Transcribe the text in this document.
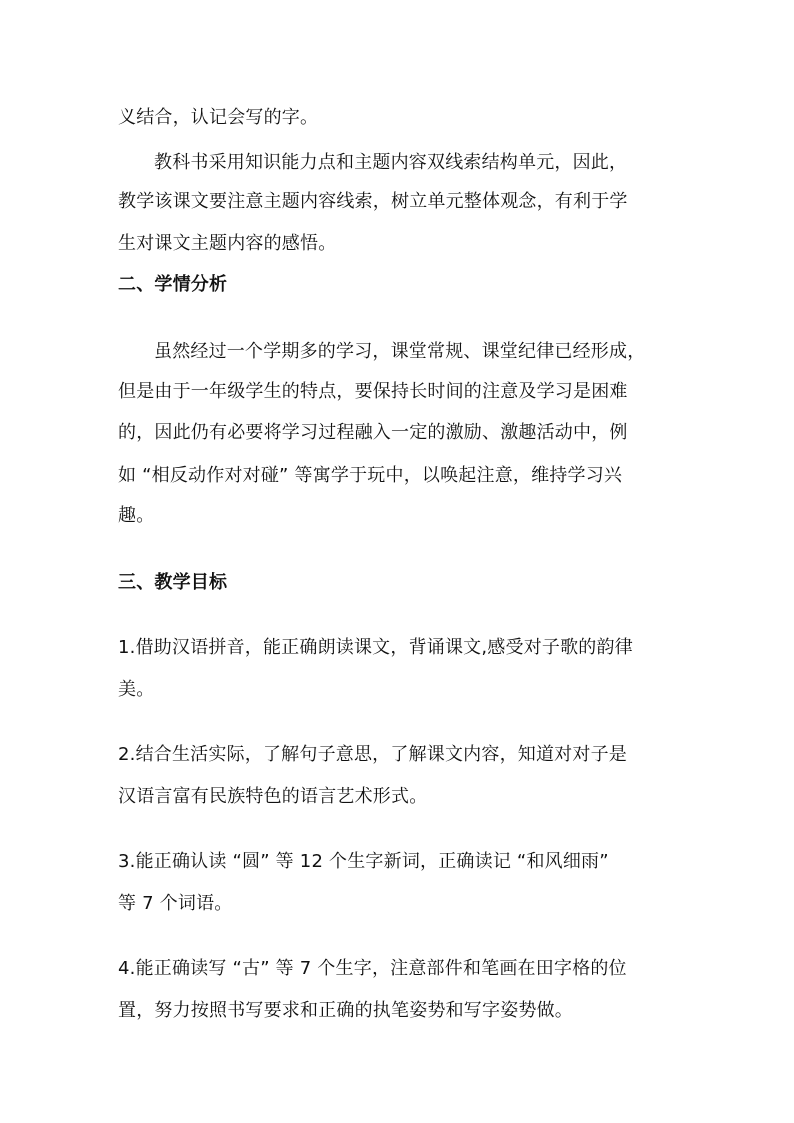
义结合，认记会写的字。
教科书采用知识能力点和主题内容双线索结构单元，因此，
教学该课文要注意主题内容线索，树立单元整体观念，有利于学
生对课文主题内容的感悟。
二、学情分析
虽然经过一个学期多的学习，课堂常规、课堂纪律已经形成，
但是由于一年级学生的特点，要保持长时间的注意及学习是困难
的，因此仍有必要将学习过程融入一定的激励、激趣活动中，例
如 “相反动作对对碰” 等寓学于玩中，以唤起注意，维持学习兴
趣。
三、教学目标
1.借助汉语拼音，能正确朗读课文，背诵课文,感受对子歌的韵律
美。
2.结合生活实际，了解句子意思，了解课文内容，知道对对子是
汉语言富有民族特色的语言艺术形式。
3.能正确认读 “圆” 等 12 个生字新词，正确读记 “和风细雨”
等 7 个词语。
4.能正确读写 “古” 等 7 个生字，注意部件和笔画在田字格的位
置，努力按照书写要求和正确的执笔姿势和写字姿势做。
